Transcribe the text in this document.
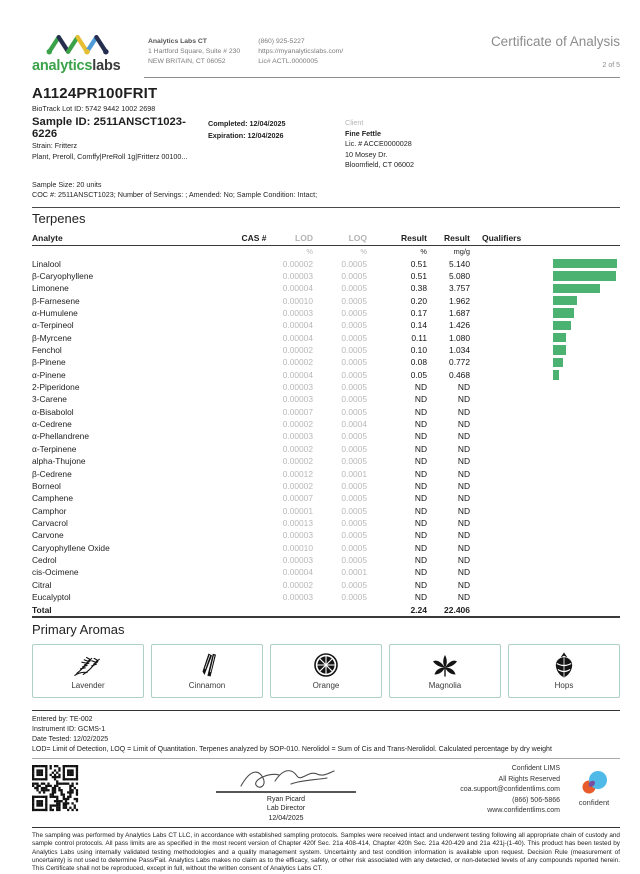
analyticslabs
Analytics Labs CT
1 Hartford Square, Suite # 230
NEW BRITAIN, CT 06052
(860) 925-5227
https://myanalyticslabs.com/
Lic# ACTL.0000005
Certificate of Analysis
2 of 5
A1124PR100FRIT
BioTrack Lot ID: 5742 9442 1002 2698
Sample ID: 2511ANSCT1023-6226
Strain: Fritterz
Plant, Preroll, Comffy|PreRoll 1g|Fritterz 00100...
Completed: 12/04/2025
Expiration: 12/04/2026
Client
Fine Fettle
Lic. # ACCE0000028
10 Mosey Dr.
Bloomfield, CT 06002
Sample Size: 20 units
COC #: 2511ANSCT1023; Number of Servings: ; Amended: No; Sample Condition: Intact;
Terpenes
Analyte	CAS #	LOD	LOQ	Result	Result	Qualifiers
%	%	%	mg/g
Linalool	0.00002	0.0005	0.51	5.140
β-Caryophyllene	0.00003	0.0005	0.51	5.080
Limonene	0.00004	0.0005	0.38	3.757
β-Farnesene	0.00010	0.0005	0.20	1.962
α-Humulene	0.00003	0.0005	0.17	1.687
α-Terpineol	0.00004	0.0005	0.14	1.426
β-Myrcene	0.00004	0.0005	0.11	1.080
Fenchol	0.00002	0.0005	0.10	1.034
β-Pinene	0.00002	0.0005	0.08	0.772
α-Pinene	0.00004	0.0005	0.05	0.468
2-Piperidone	0.00003	0.0005	ND	ND
3-Carene	0.00003	0.0005	ND	ND
α-Bisabolol	0.00007	0.0005	ND	ND
α-Cedrene	0.00002	0.0004	ND	ND
α-Phellandrene	0.00003	0.0005	ND	ND
α-Terpinene	0.00002	0.0005	ND	ND
alpha-Thujone	0.00002	0.0005	ND	ND
β-Cedrene	0.00012	0.0001	ND	ND
Borneol	0.00002	0.0005	ND	ND
Camphene	0.00007	0.0005	ND	ND
Camphor	0.00001	0.0005	ND	ND
Carvacrol	0.00013	0.0005	ND	ND
Carvone	0.00003	0.0005	ND	ND
Caryophyllene Oxide	0.00010	0.0005	ND	ND
Cedrol	0.00003	0.0005	ND	ND
cis-Ocimene	0.00004	0.0001	ND	ND
Citral	0.00002	0.0005	ND	ND
Eucalyptol	0.00003	0.0005	ND	ND
Total	2.24	22.406
Primary Aromas
Lavender	Cinnamon	Orange	Magnolia	Hops
Entered by: TE-002
Instrument ID: GCMS-1
Date Tested: 12/02/2025
LOD= Limit of Detection, LOQ = Limit of Quantitation. Terpenes analyzed by SOP-010. Nerolidol = Sum of Cis and Trans-Nerolidol. Calculated percentage by dry weight
Ryan Picard
Lab Director
12/04/2025
Confident LIMS
All Rights Reserved
coa.support@confidentlims.com
(866) 506-5866
www.confidentlims.com
confident
The sampling was performed by Analytics Labs CT LLC, in accordance with established sampling protocols. Samples were received intact and underwent testing following all appropriate chain of custody and sample control protocols. All pass limits are as specified in the most recent version of Chapter 420f Sec. 21a 408-414, Chapter 420h Sec. 21a 420-429 and 21a 421j-(1-40). This product has been tested by Analytics Labs using internally validated testing methodologies and a quality management system. Uncertainty and test condition information is available upon request. Decision Rule (measurement of uncertainty) is not used to determine Pass/Fail. Analytics Labs makes no claim as to the efficacy, safety, or other risk associated with any detected, or non-detected levels of any compounds reported herein. This Certificate shall not be reproduced, except in full, without the written consent of Analytics Labs CT.
